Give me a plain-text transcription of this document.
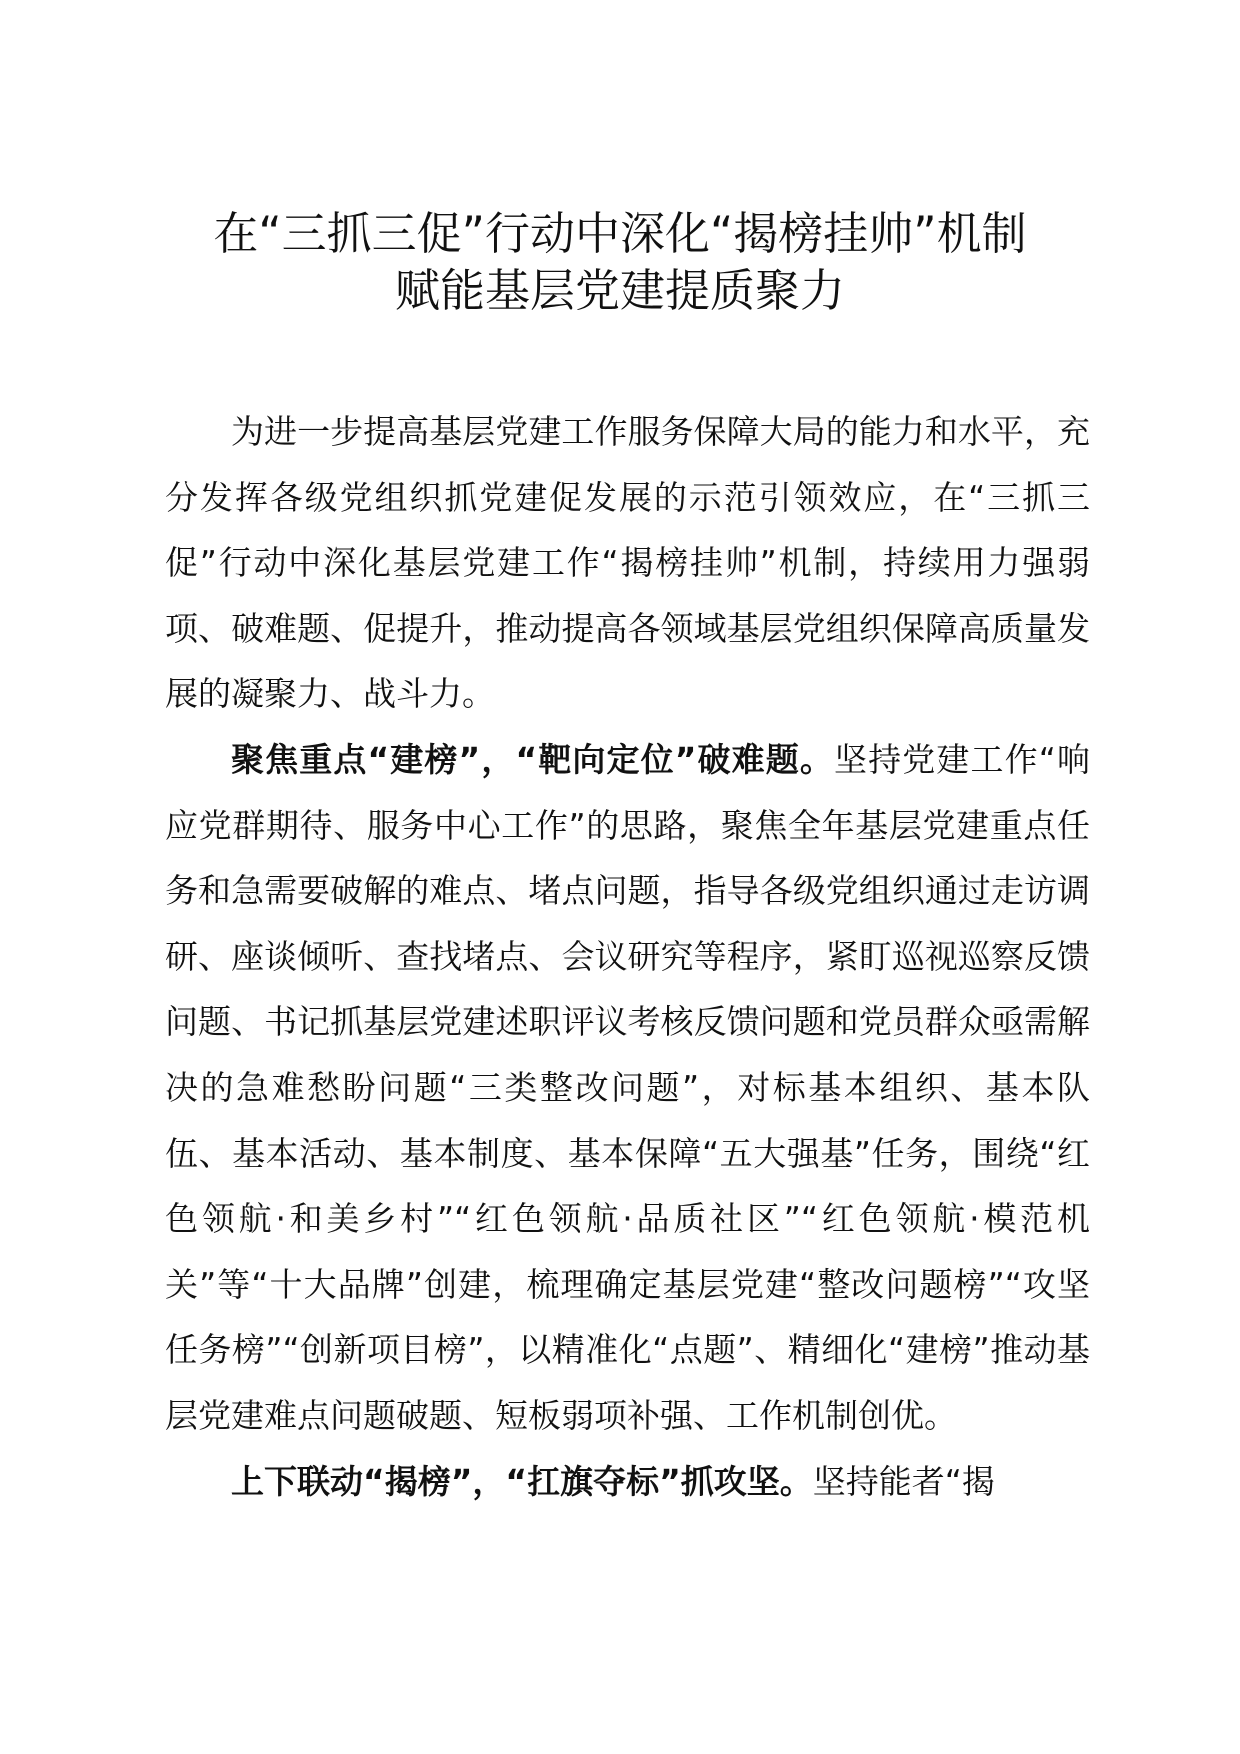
在“三抓三促”行动中深化“揭榜挂帅”机制
赋能基层党建提质聚力

为进一步提高基层党建工作服务保障大局的能力和水平，充分发挥各级党组织抓党建促发展的示范引领效应，在“三抓三促”行动中深化基层党建工作“揭榜挂帅”机制，持续用力强弱项、破难题、促提升，推动提高各领域基层党组织保障高质量发展的凝聚力、战斗力。

聚焦重点“建榜”，“靶向定位”破难题。坚持党建工作“响应党群期待、服务中心工作”的思路，聚焦全年基层党建重点任务和急需要破解的难点、堵点问题，指导各级党组织通过走访调研、座谈倾听、查找堵点、会议研究等程序，紧盯巡视巡察反馈问题、书记抓基层党建述职评议考核反馈问题和党员群众亟需解决的急难愁盼问题“三类整改问题”，对标基本组织、基本队伍、基本活动、基本制度、基本保障“五大强基”任务，围绕“红色领航·和美乡村”“红色领航·品质社区”“红色领航·模范机关”等“十大品牌”创建，梳理确定基层党建“整改问题榜”“攻坚任务榜”“创新项目榜”，以精准化“点题”、精细化“建榜”推动基层党建难点问题破题、短板弱项补强、工作机制创优。

上下联动“揭榜”，“扛旗夺标”抓攻坚。坚持能者“揭
